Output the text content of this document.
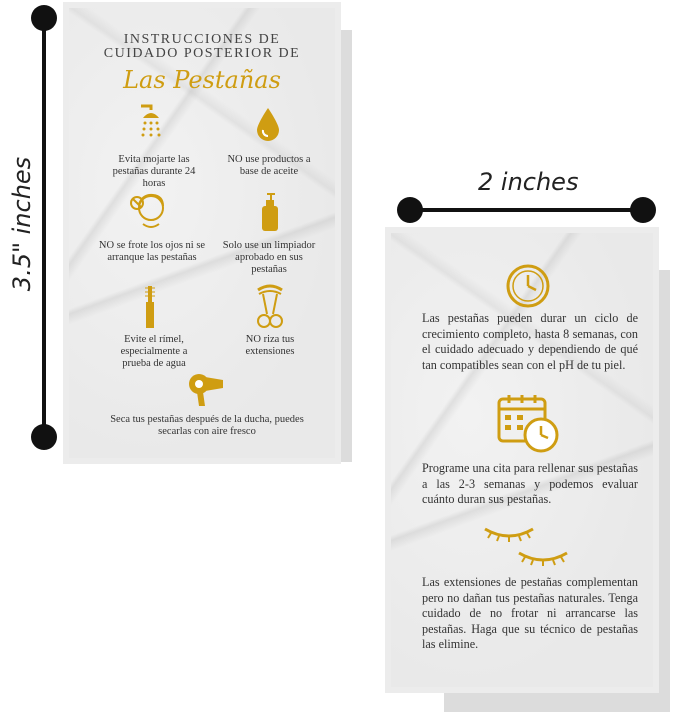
3.5" inches
INSTRUCCIONES DE
CUIDADO POSTERIOR DE
Las Pestañas
Evita mojarte las pestañas durante 24 horas
NO use productos a base de aceite
NO se frote los ojos ni se arranque las pestañas
Solo use un limpiador aprobado en sus pestañas
Evite el rímel, especialmente a prueba de agua
NO riza tus extensiones
Seca tus pestañas después de la ducha, puedes secarlas con aire fresco
2 inches
Las pestañas pueden durar un ciclo de crecimiento completo, hasta 8 semanas, con el cuidado adecuado y dependiendo de qué tan compatibles sean con el pH de tu piel.
Programe una cita para rellenar sus pestañas a las 2-3 semanas y podemos evaluar cuánto duran sus pestañas.
Las extensiones de pestañas complementan pero no dañan tus pestañas naturales. Tenga cuidado de no frotar ni arrancarse las pestañas. Haga que su técnico de pestañas las elimine.
